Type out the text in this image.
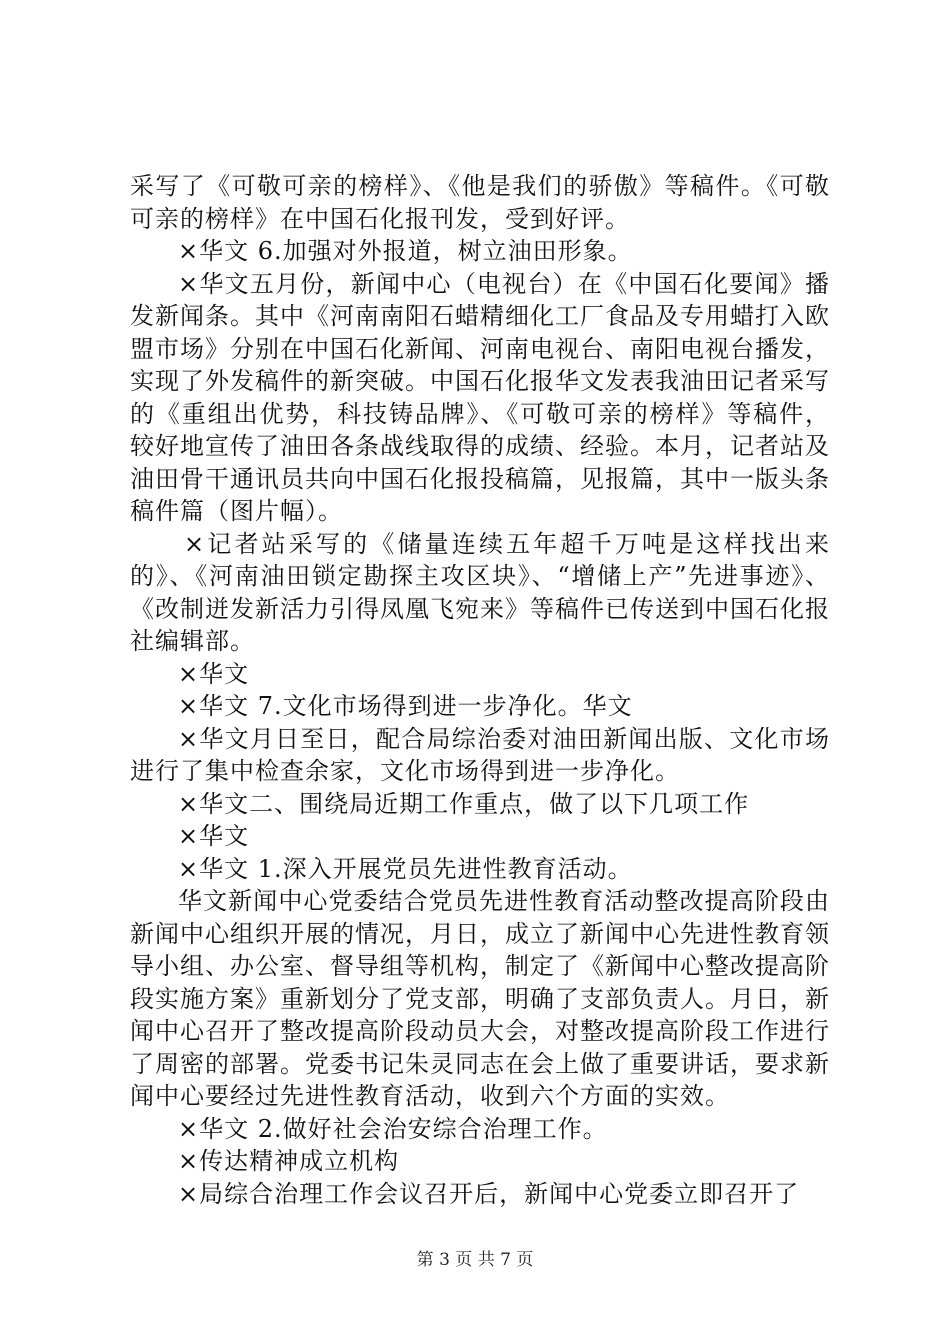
采写了《可敬可亲的榜样》、《他是我们的骄傲》等稿件。《可敬可亲的榜样》在中国石化报刊发，受到好评。

×华文 6.加强对外报道，树立油田形象。

×华文五月份，新闻中心（电视台）在《中国石化要闻》播发新闻条。其中《河南南阳石蜡精细化工厂食品及专用蜡打入欧盟市场》分别在中国石化新闻、河南电视台、南阳电视台播发，实现了外发稿件的新突破。中国石化报华文发表我油田记者采写的《重组出优势，科技铸品牌》、《可敬可亲的榜样》等稿件，较好地宣传了油田各条战线取得的成绩、经验。本月，记者站及油田骨干通讯员共向中国石化报投稿篇，见报篇，其中一版头条稿件篇（图片幅）。

×记者站采写的《储量连续五年超千万吨是这样找出来的》、《河南油田锁定勘探主攻区块》、“增储上产”先进事迹》、《改制迸发新活力引得凤凰飞宛来》等稿件已传送到中国石化报社编辑部。

×华文

×华文 7.文化市场得到进一步净化。华文

×华文月日至日，配合局综治委对油田新闻出版、文化市场进行了集中检查余家，文化市场得到进一步净化。

×华文二、围绕局近期工作重点，做了以下几项工作

×华文

×华文 1.深入开展党员先进性教育活动。

华文新闻中心党委结合党员先进性教育活动整改提高阶段由新闻中心组织开展的情况，月日，成立了新闻中心先进性教育领导小组、办公室、督导组等机构，制定了《新闻中心整改提高阶段实施方案》重新划分了党支部，明确了支部负责人。月日，新闻中心召开了整改提高阶段动员大会，对整改提高阶段工作进行了周密的部署。党委书记朱灵同志在会上做了重要讲话，要求新闻中心要经过先进性教育活动，收到六个方面的实效。

×华文 2.做好社会治安综合治理工作。

×传达精神成立机构

×局综合治理工作会议召开后，新闻中心党委立即召开了

第 3 页 共 7 页
